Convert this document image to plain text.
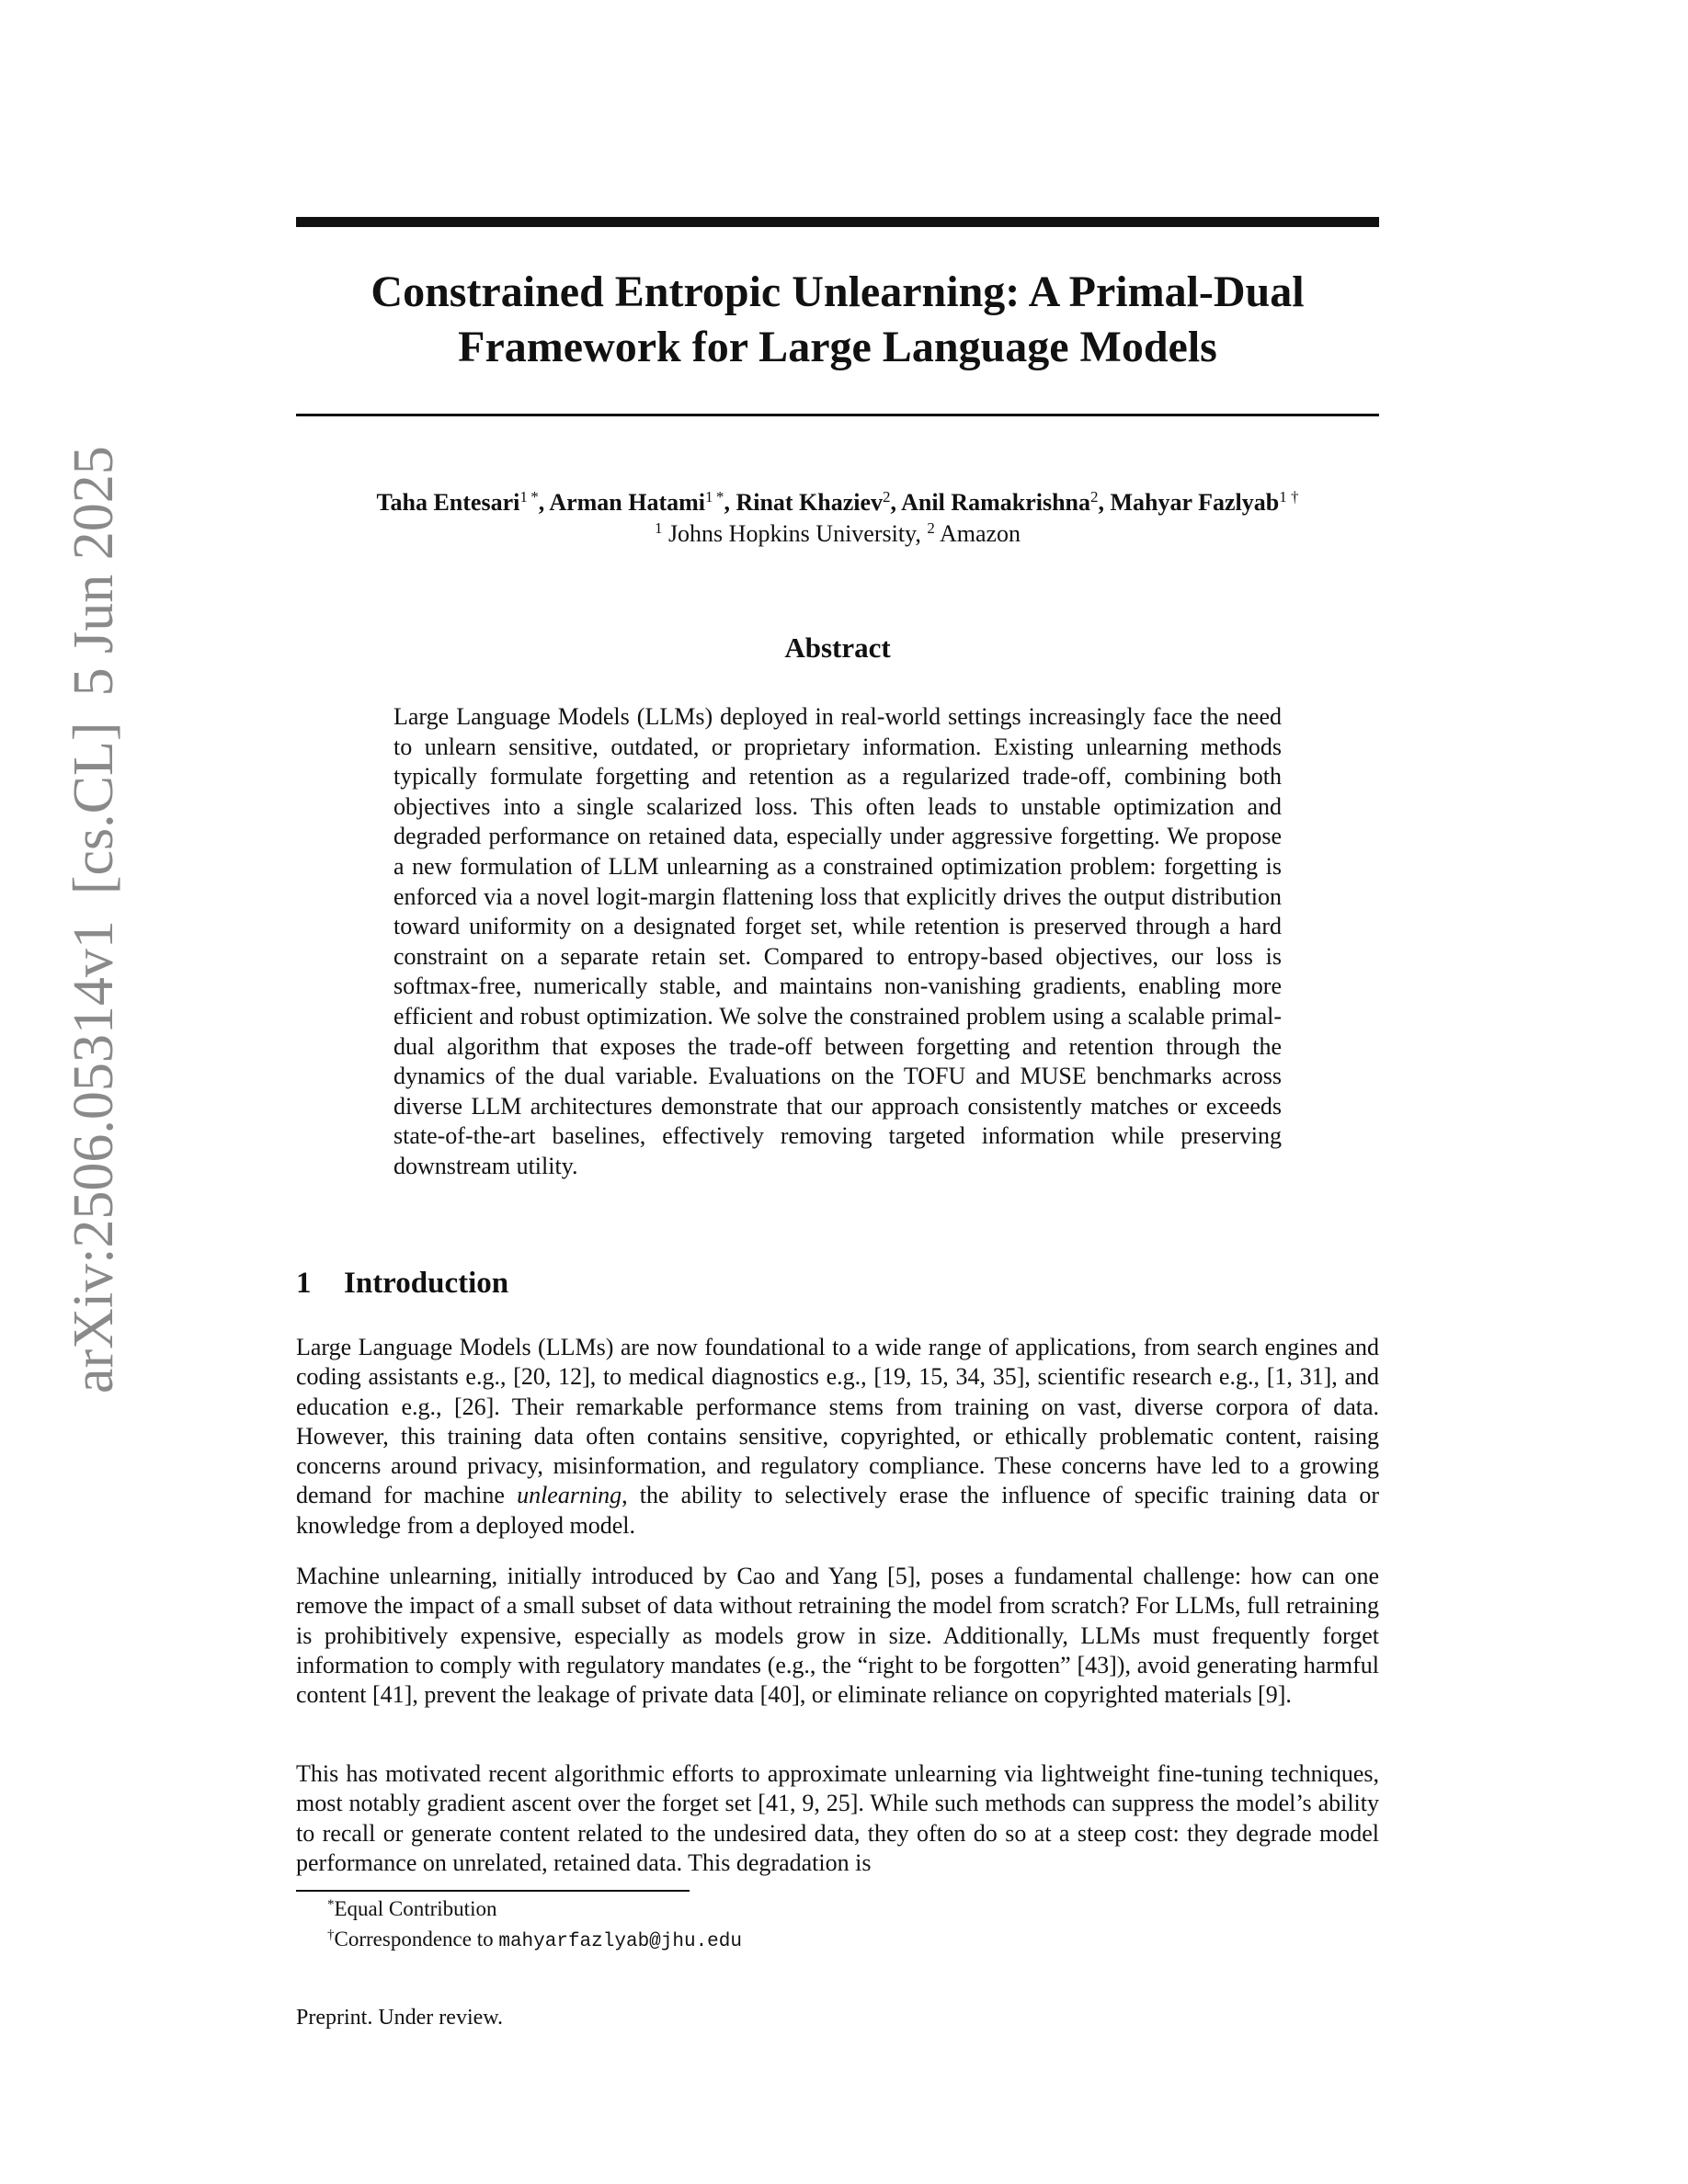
arXiv:2506.05314v1[cs.CL]5 Jun 2025
Constrained Entropic Unlearning: A Primal-Dual
Framework for Large Language Models
Taha Entesari$^{1 *}$, Arman Hatami$^{1 *}$, Rinat Khaziev$^2$, Anil Ramakrishna$^2$, Mahyar Fazlyab$^{1 \dagger}$
$^1$ Johns Hopkins University, $^2$ Amazon
Abstract
Large Language Models (LLMs) deployed in real-world settings increasingly face the need to unlearn sensitive, outdated, or proprietary information. Existing unlearning methods typically formulate forgetting and retention as a regularized trade-off, combining both objectives into a single scalarized loss. This often leads to unstable optimization and degraded performance on retained data, especially under aggressive forgetting. We propose a new formulation of LLM unlearning as a constrained optimization problem: forgetting is enforced via a novel logit-margin flattening loss that explicitly drives the output distribution toward uniformity on a designated forget set, while retention is preserved through a hard constraint on a separate retain set. Compared to entropy-based objectives, our loss is softmax-free, numerically stable, and maintains non-vanishing gradients, enabling more efficient and robust optimization. We solve the constrained problem using a scalable primal-dual algorithm that exposes the trade-off between forgetting and retention through the dynamics of the dual variable. Evaluations on the TOFU and MUSE benchmarks across diverse LLM architectures demonstrate that our approach consistently matches or exceeds state-of-the-art baselines, effectively removing targeted information while preserving downstream utility.
1 Introduction
Large Language Models (LLMs) are now foundational to a wide range of applications, from search engines and coding assistants e.g., [20, 12], to medical diagnostics e.g., [19, 15, 34, 35], scientific research e.g., [1, 31], and education e.g., [26]. Their remarkable performance stems from training on vast, diverse corpora of data. However, this training data often contains sensitive, copyrighted, or ethically problematic content, raising concerns around privacy, misinformation, and regulatory compliance. These concerns have led to a growing demand for machine unlearning, the ability to selectively erase the influence of specific training data or knowledge from a deployed model.
Machine unlearning, initially introduced by Cao and Yang [5], poses a fundamental challenge: how can one remove the impact of a small subset of data without retraining the model from scratch? For LLMs, full retraining is prohibitively expensive, especially as models grow in size. Additionally, LLMs must frequently forget information to comply with regulatory mandates (e.g., the “right to be forgotten” [43]), avoid generating harmful content [41], prevent the leakage of private data [40], or eliminate reliance on copyrighted materials [9].
This has motivated recent algorithmic efforts to approximate unlearning via lightweight fine-tuning techniques, most notably gradient ascent over the forget set [41, 9, 25]. While such methods can suppress the model’s ability to recall or generate content related to the undesired data, they often do so at a steep cost: they degrade model performance on unrelated, retained data. This degradation is
*Equal Contribution
†Correspondence to mahyarfazlyab@jhu.edu
Preprint. Under review.
